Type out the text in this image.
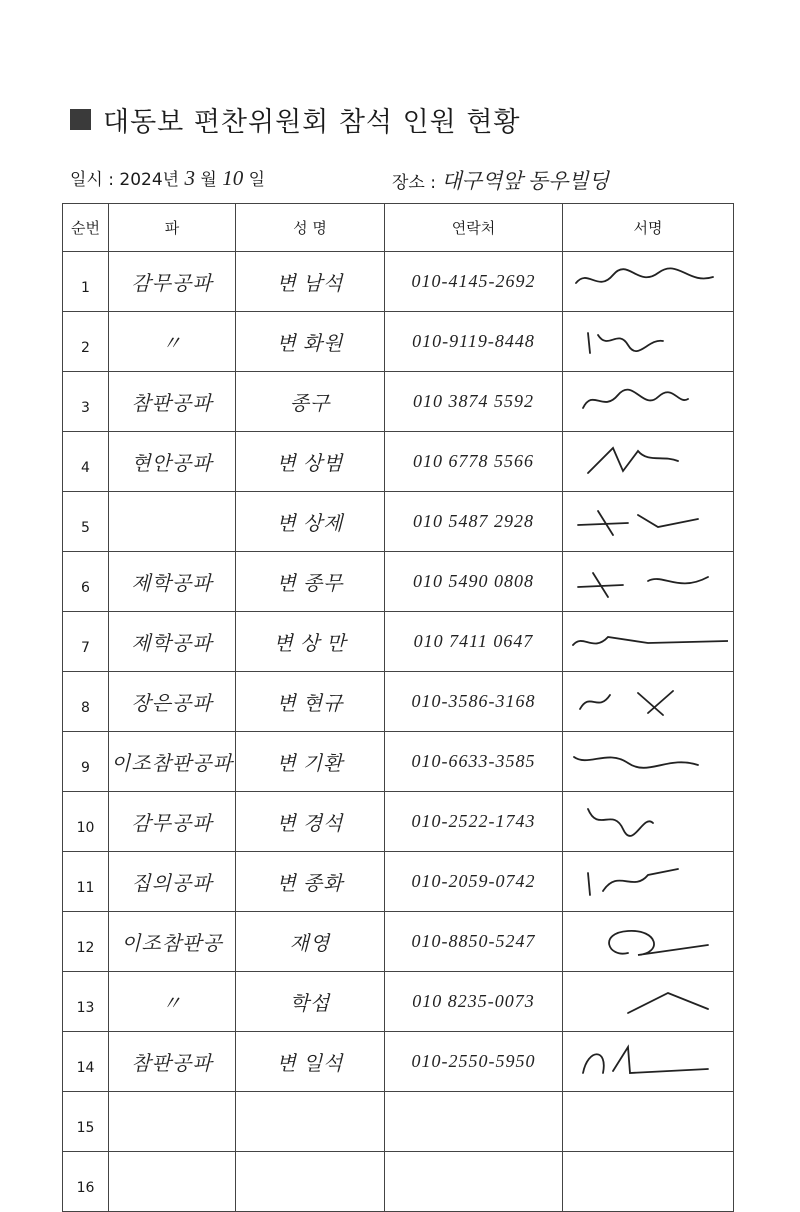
대동보 편찬위원회 참석 인원 현황
일시 : 2024년 3 월 10 일	장소 : 대구역앞 동우빌딩
순번	파	성 명	연락처	서명
1	감무공파	변 남석	010-4145-2692	

2	〃	변 화원	010-9119-8448	

3	참판공파	종구	010 3874 5592	

4	현안공파	변 상범	010 6778 5566	

5		변 상제	010 5487 2928	

6	제학공파	변 종무	010 5490 0808	

7	제학공파	변 상 만	010 7411 0647	

8	장은공파	변 현규	010-3586-3168	

9	이조참판공파	변 기환	010-6633-3585	

10	감무공파	변 경석	010-2522-1743	

11	집의공파	변 종화	010-2059-0742	

12	이조참판공	재영	010-8850-5247	

13	〃	학섭	010 8235-0073	

14	참판공파	변 일석	010-2550-5950	

15				
16				
